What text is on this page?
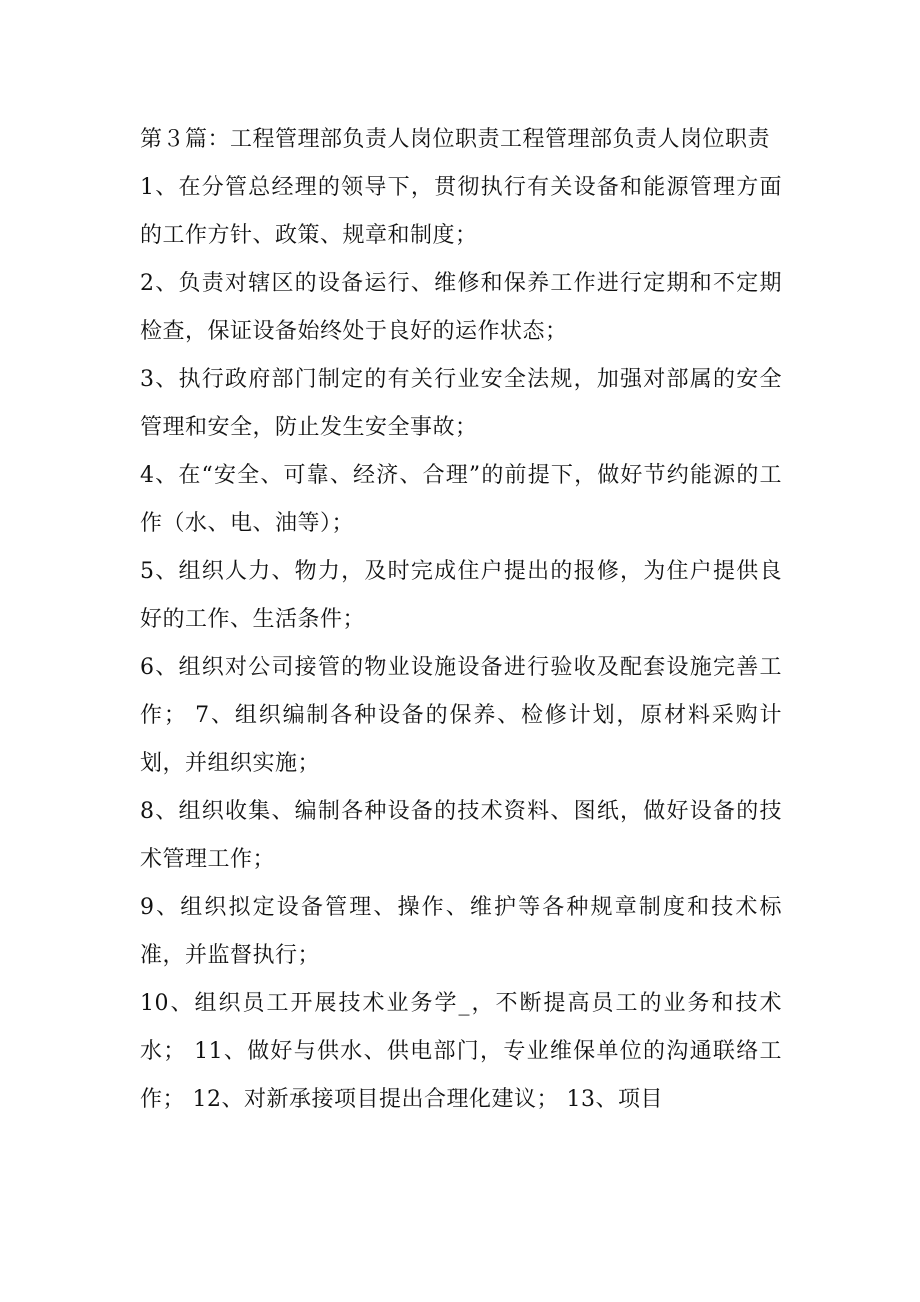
第３篇：工程管理部负责人岗位职责工程管理部负责人岗位职责

1、在分管总经理的领导下，贯彻执行有关设备和能源管理方面的工作方针、政策、规章和制度；

2、负责对辖区的设备运行、维修和保养工作进行定期和不定期检查，保证设备始终处于良好的运作状态；

3、执行政府部门制定的有关行业安全法规，加强对部属的安全管理和安全，防止发生安全事故；

4、在“安全、可靠、经济、合理”的前提下，做好节约能源的工作（水、电、油等）；

5、组织人力、物力，及时完成住户提出的报修，为住户提供良好的工作、生活条件；

6、组织对公司接管的物业设施设备进行验收及配套设施完善工作； 7、组织编制各种设备的保养、检修计划，原材料采购计划，并组织实施；

8、组织收集、编制各种设备的技术资料、图纸，做好设备的技术管理工作；

9、组织拟定设备管理、操作、维护等各种规章制度和技术标准，并监督执行；

10、组织员工开展技术业务学_，不断提高员工的业务和技术水； 11、做好与供水、供电部门，专业维保单位的沟通联络工作； 12、对新承接项目提出合理化建议； 13、项目
